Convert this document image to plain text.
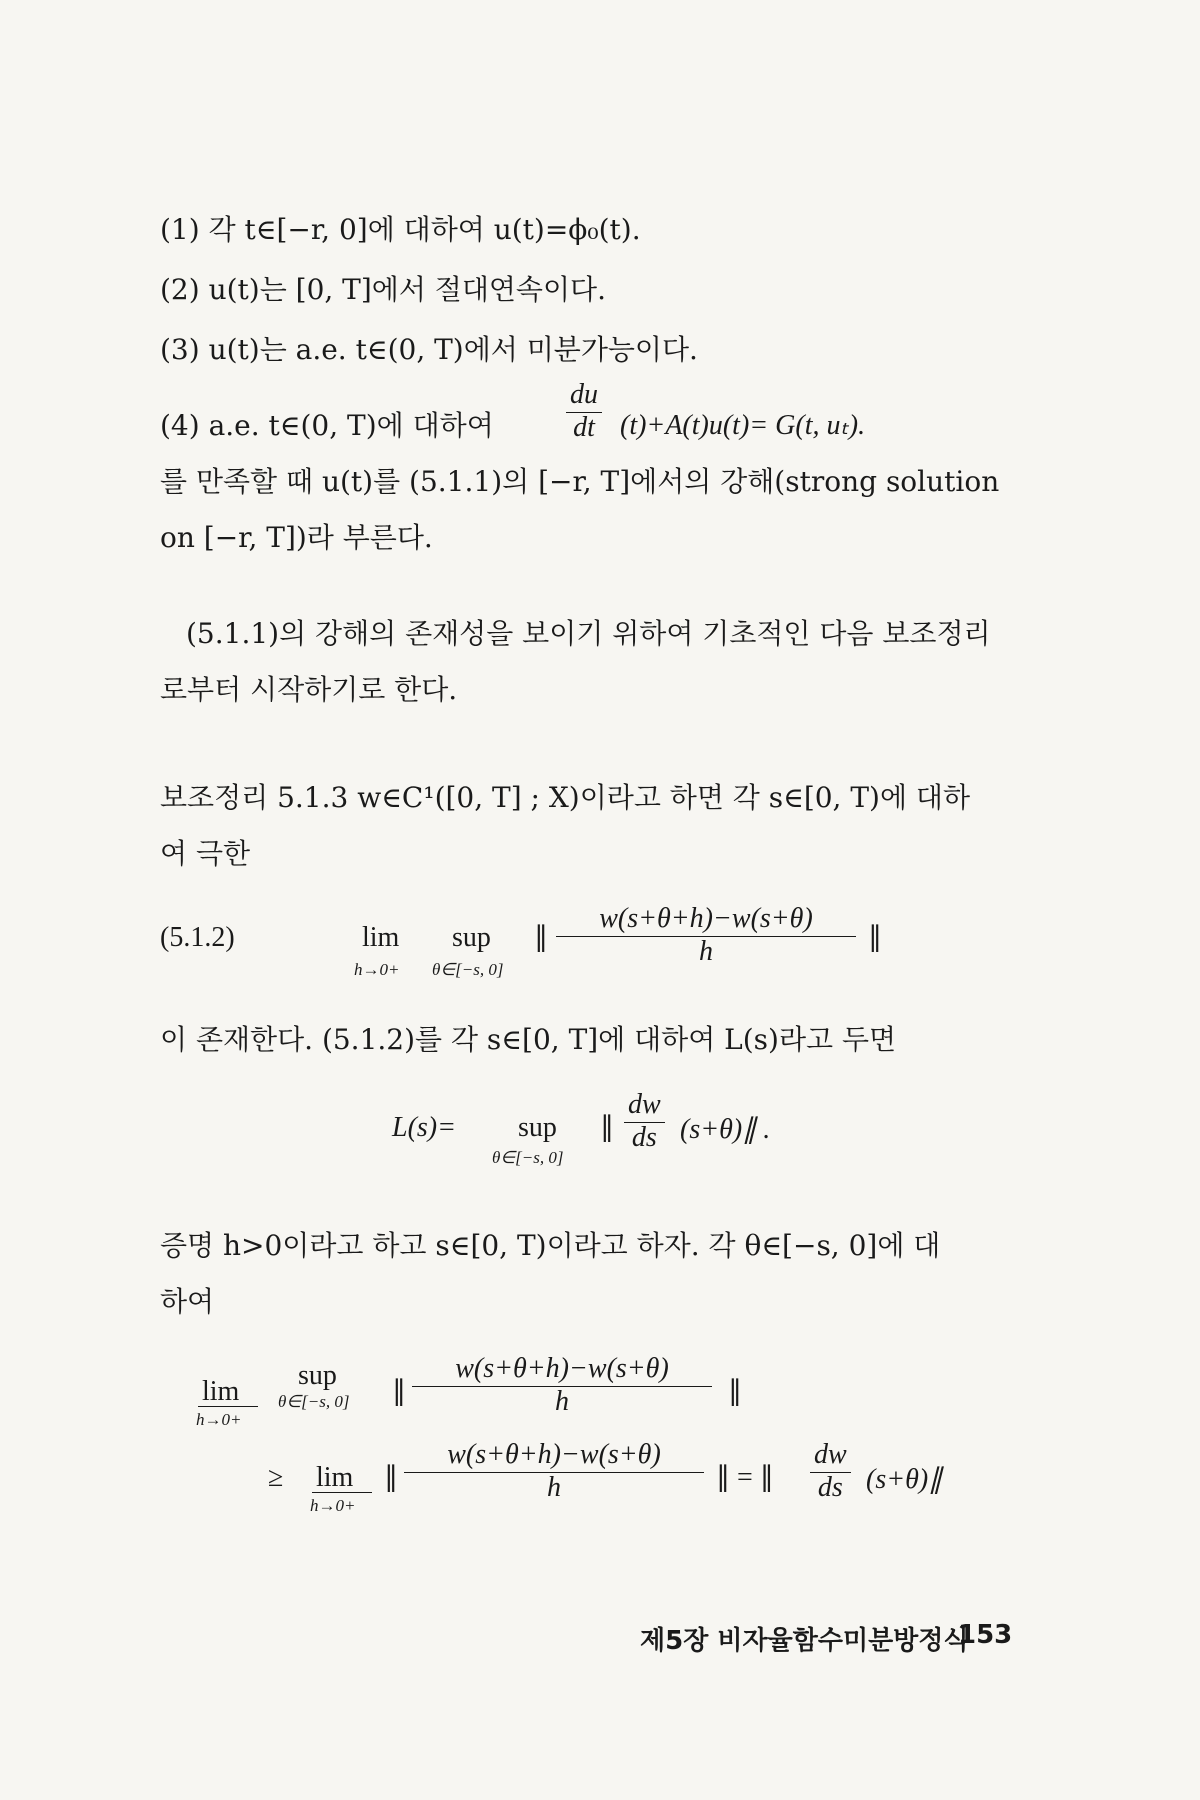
(1) 각 t∈[−r, 0]에 대하여 u(t)=ϕ₀(t).
(2) u(t)는 [0, T]에서 절대연속이다.
(3) u(t)는 a.e. t∈(0, T)에서 미분가능이다.
(4) a.e. t∈(0, T)에 대하여	$\frac{du}{dt} (t)+A(t)u(t)= G(t$, uₜ).
를 만족할 때 u(t)를 (5.1.1)의 [−r, T]에서의 강해(strong solution
on [−r, T])라 부른다.
(5.1.1)의 강해의 존재성을 보이기 위하여 기초적인 다음 보조정리
로부터 시작하기로 한다.
보조정리 5.1.3 w∈C¹([0, T] ; X)이라고 하면 각 s∈[0, T)에 대하
여 극한
(5.1.2)	lim
h→0+
sup
θ∈[−s, 0]
∥ $\frac{w(s+\theta+h)-w(s+\theta)}{h}$ ∥
이 존재한다. (5.1.2)를 각 s∈[0, T]에 대하여 L(s)라고 두면
L(s)= sup
θ∈[−s, 0]
∥ $\frac{dw}{ds}$ (s+θ)∥ .
증명 h>0이라고 하고 s∈[0, T)이라고 하자. 각 θ∈[−s, 0]에 대
하여
lim
h→0+
sup
θ∈[−s, 0] ∥ $\frac{w(s+\theta+h)-w(s+\theta)}{h}$ ∥
≥ lim
h→0+
∥ $\frac{w(s+\theta+h)-w(s+\theta)}{h}$ ∥ = ∥ $\frac{dw}{ds}$ (s+θ)∥
제5장 비자율함수미분방정식
153
